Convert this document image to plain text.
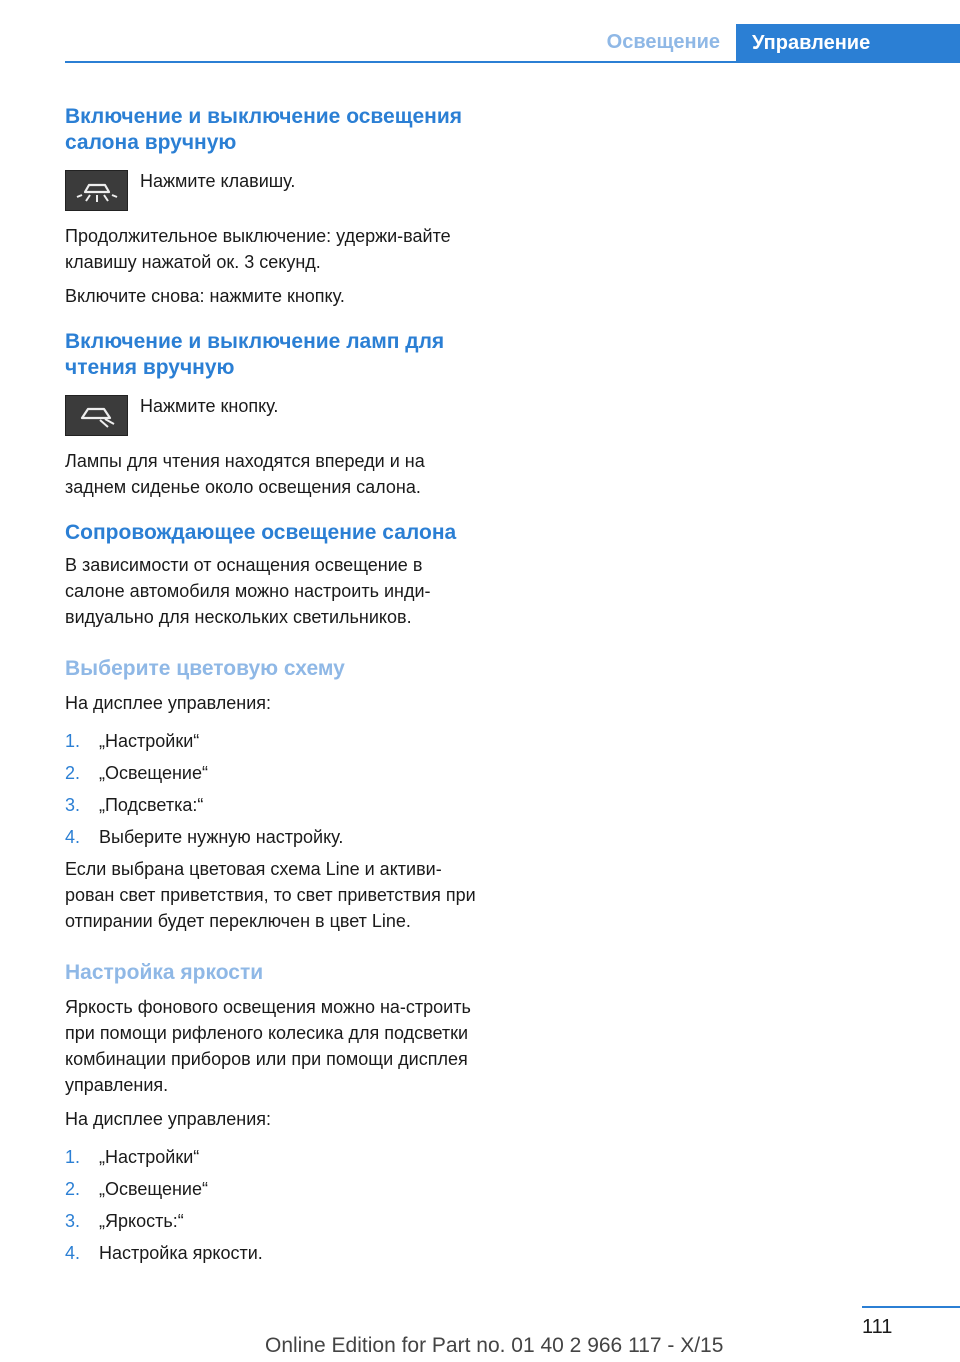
Освещение	Управление
Включение и выключение освещения салона вручную

Нажмите клавишу.

Продолжительное выключение: удержи-вайте клавишу нажатой ок. 3 секунд.

Включите снова: нажмите кнопку.

Включение и выключение ламп для чтения вручную

Нажмите кнопку.

Лампы для чтения находятся впереди и на заднем сиденье около освещения салона.

Сопровождающее освещение салона

В зависимости от оснащения освещение в салоне автомобиля можно настроить инди-видуально для нескольких светильников.

Выберите цветовую схему

На дисплее управления:

1.	„Настройки“
2.	„Освещение“
3.	„Подсветка:“
4.	Выберите нужную настройку.

Если выбрана цветовая схема Line и активи-рован свет приветствия, то свет приветствия при отпирании будет переключен в цвет Line.

Настройка яркости

Яркость фонового освещения можно на-строить при помощи рифленого колесика для подсветки комбинации приборов или при помощи дисплея управления.

На дисплее управления:

1.	„Настройки“
2.	„Освещение“
3.	„Яркость:“
4.	Настройка яркости.
111
Online Edition for Part no. 01 40 2 966 117 - X/15
